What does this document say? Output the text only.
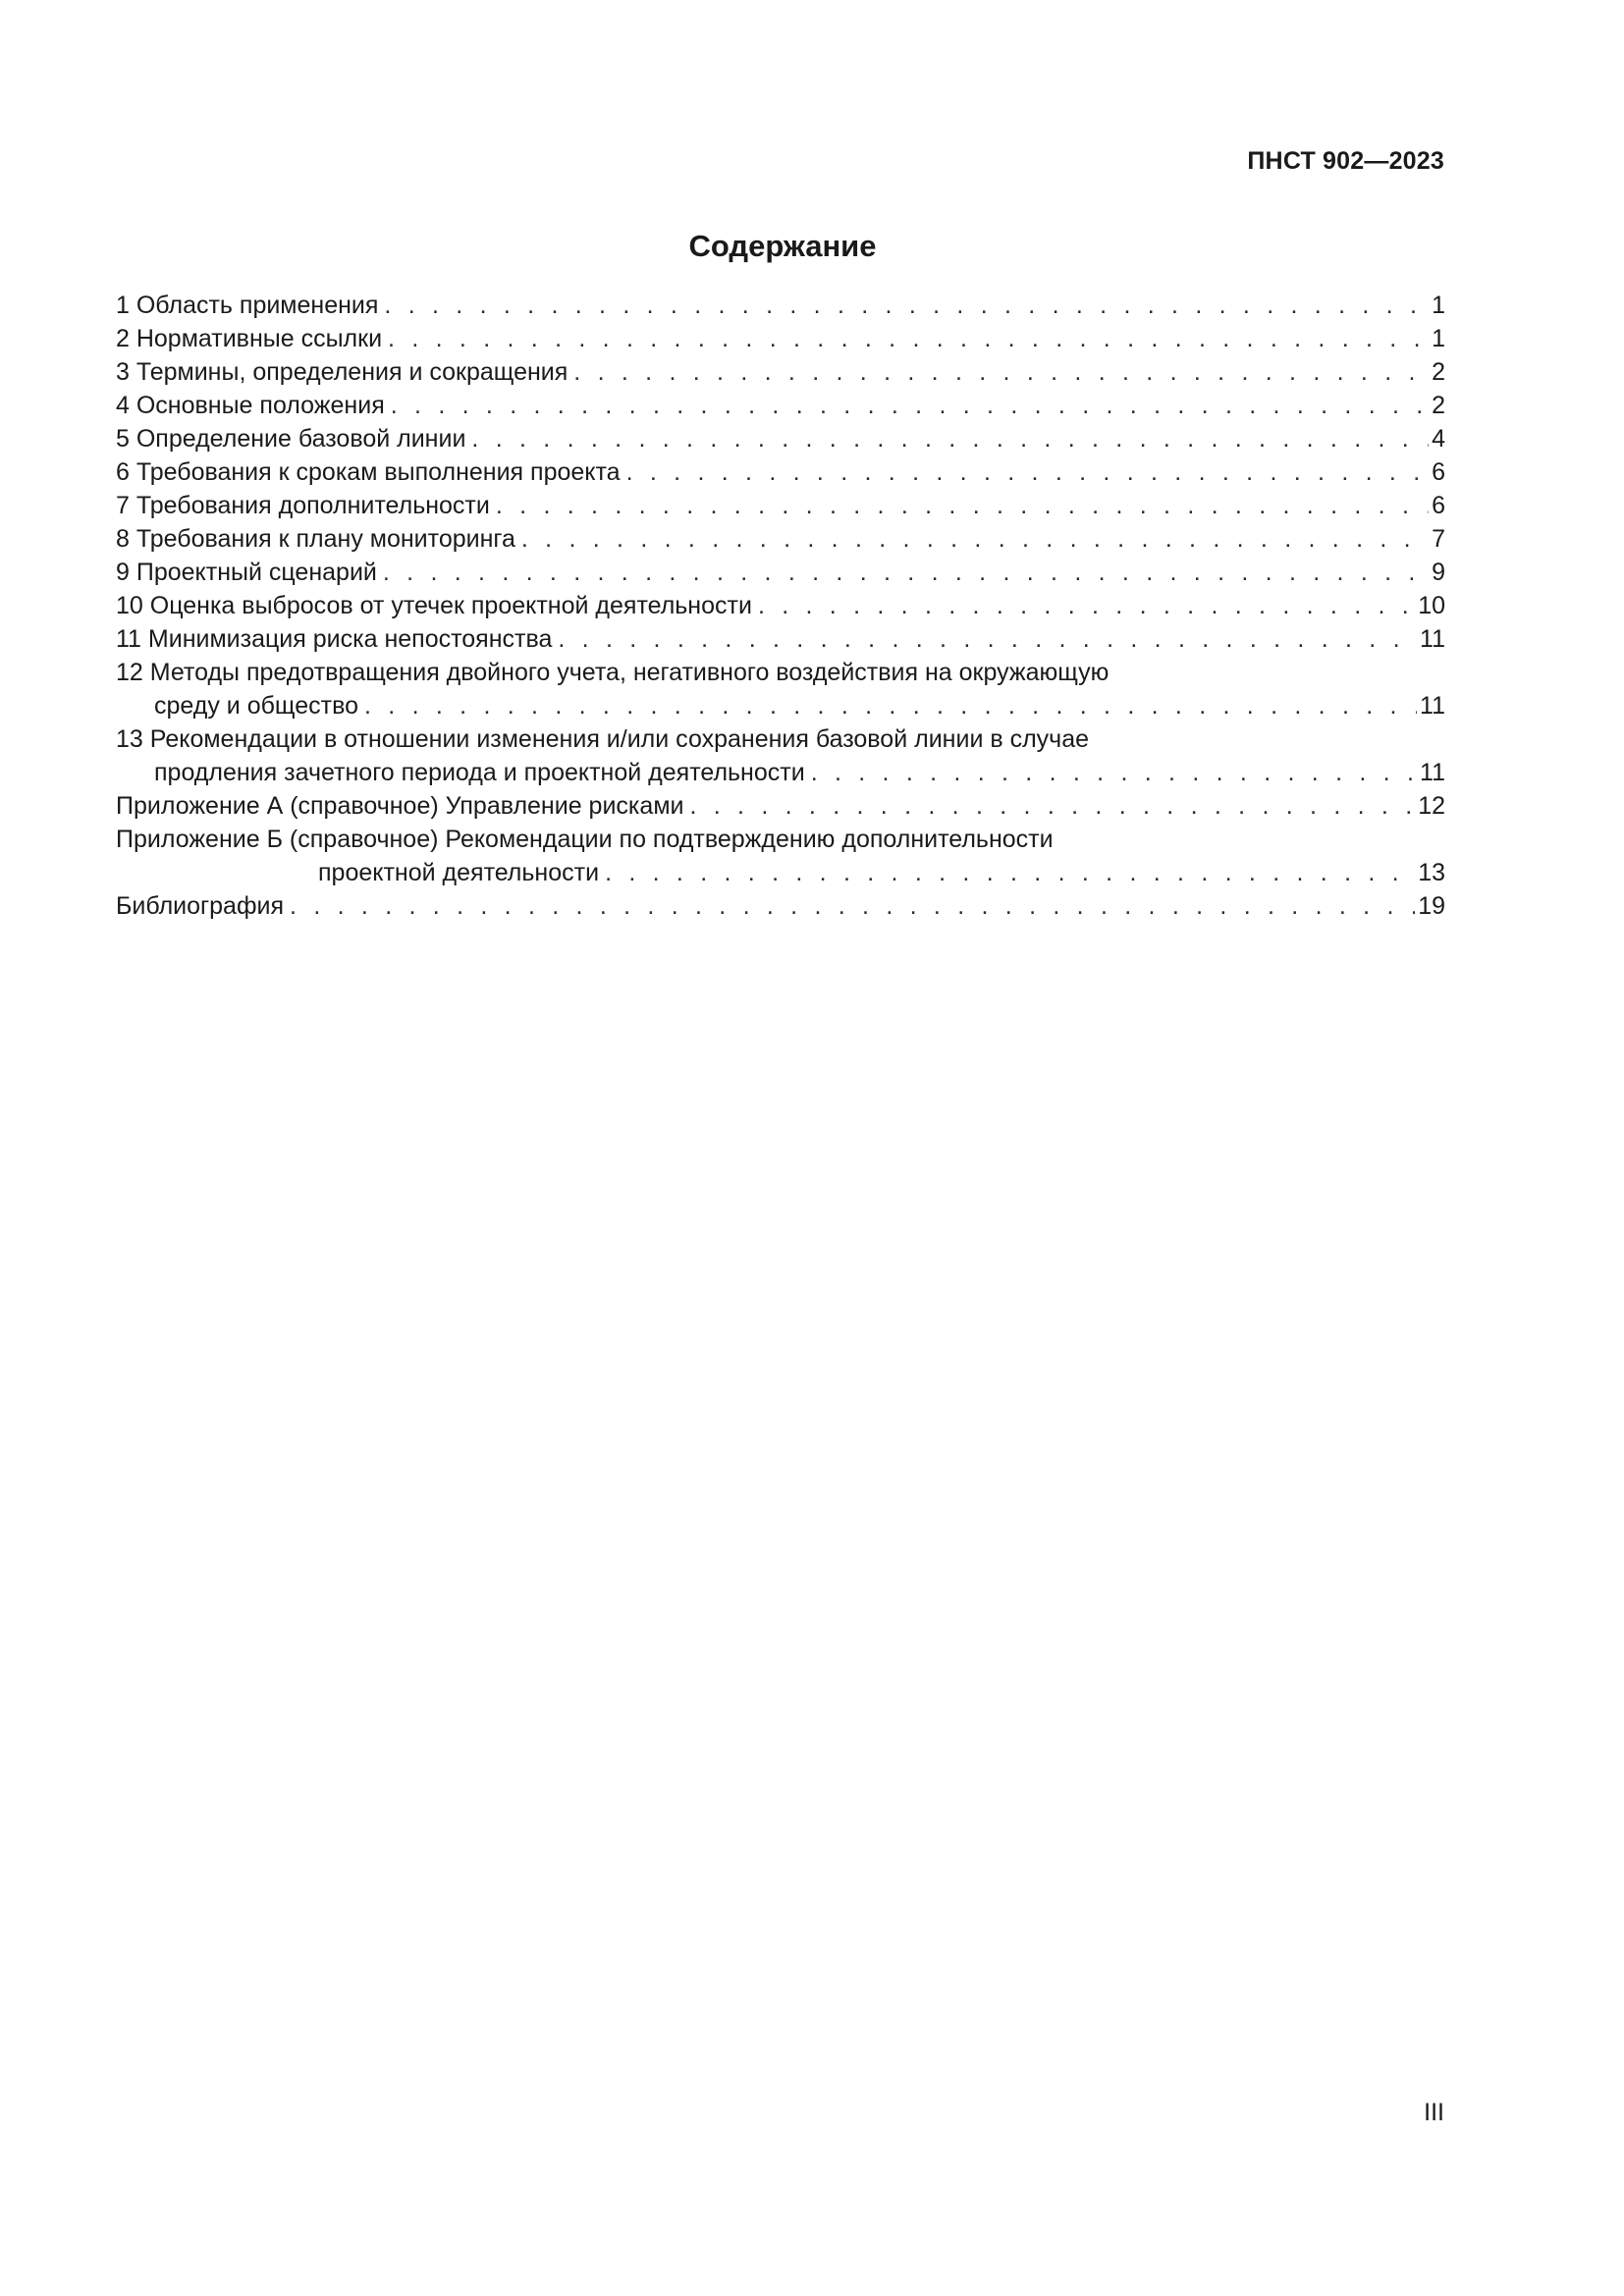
ПНСТ 902—2023
Содержание
1 Область применения . . .	1
2 Нормативные ссылки . . .	1
3 Термины, определения и сокращения . . .	2
4 Основные положения . . .	2
5 Определение базовой линии . . .	4
6 Требования к срокам выполнения проекта . . .	6
7 Требования дополнительности . . .	6
8 Требования к плану мониторинга . . .	7
9 Проектный сценарий . . .	9
10 Оценка выбросов от утечек проектной деятельности . . .	10
11 Минимизация риска непостоянства . . .	11
12 Методы предотвращения двойного учета, негативного воздействия на окружающую
среду и общество . . .	11
13 Рекомендации в отношении изменения и/или сохранения базовой линии в случае
продления зачетного периода и проектной деятельности . . .	11
Приложение А (справочное) Управление рисками . . .	12
Приложение Б (справочное) Рекомендации по подтверждению дополнительности
проектной деятельности . . .	13
Библиография . . .	19
III
